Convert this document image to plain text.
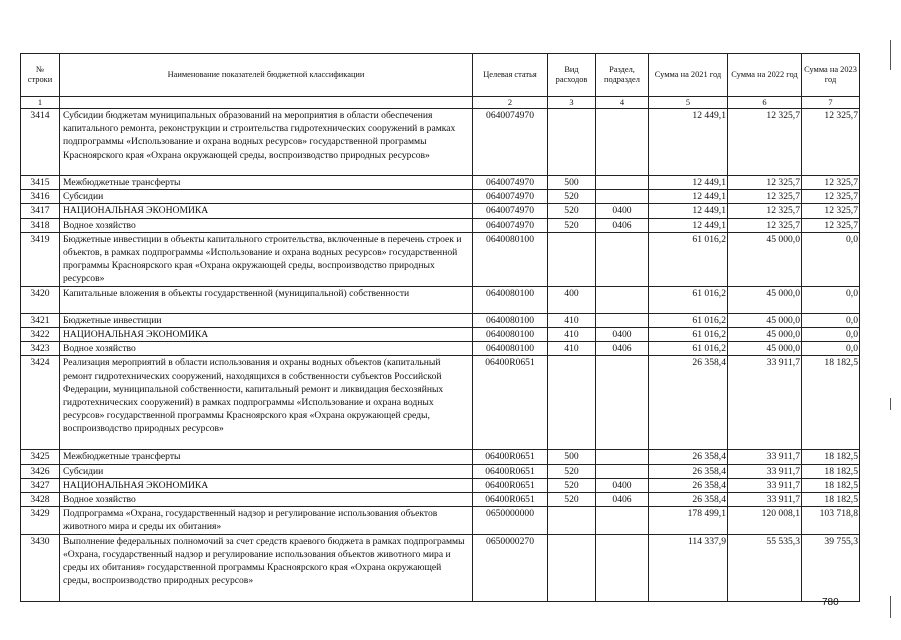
№ строки	Наименование показателей бюджетной классификации	Целевая статья	Вид расходов	Раздел, подраздел	Сумма на 2021 год	Сумма на 2022 год	Сумма на 2023 год
1		2	3	4	5	6	7
3414	Субсидии бюджетам муниципальных образований на мероприятия в области обеспечения капитального ремонта, реконструкции и строительства гидротехнических сооружений в рамках подпрограммы «Использование и охрана водных ресурсов» государственной программы Красноярского края «Охрана окружающей среды, воспроизводство природных ресурсов»	0640074970			12 449,1	12 325,7	12 325,7
3415	Межбюджетные трансферты	0640074970	500		12 449,1	12 325,7	12 325,7
3416	Субсидии	0640074970	520		12 449,1	12 325,7	12 325,7
3417	НАЦИОНАЛЬНАЯ ЭКОНОМИКА	0640074970	520	0400	12 449,1	12 325,7	12 325,7
3418	Водное хозяйство	0640074970	520	0406	12 449,1	12 325,7	12 325,7
3419	Бюджетные инвестиции в объекты капитального строительства, включенные в перечень строек и объектов, в рамках подпрограммы «Использование и охрана водных ресурсов» государственной программы Красноярского края «Охрана окружающей среды, воспроизводство природных ресурсов»	0640080100			61 016,2	45 000,0	0,0
3420	Капитальные вложения в объекты государственной (муниципальной) собственности	0640080100	400		61 016,2	45 000,0	0,0
3421	Бюджетные инвестиции	0640080100	410		61 016,2	45 000,0	0,0
3422	НАЦИОНАЛЬНАЯ ЭКОНОМИКА	0640080100	410	0400	61 016,2	45 000,0	0,0
3423	Водное хозяйство	0640080100	410	0406	61 016,2	45 000,0	0,0
3424	Реализация мероприятий в области использования и охраны водных объектов (капитальный ремонт гидротехнических сооружений, находящихся в собственности субъектов Российской Федерации, муниципальной собственности, капитальный ремонт и ликвидация бесхозяйных гидротехнических сооружений) в рамках подпрограммы «Использование и охрана водных ресурсов» государственной программы Красноярского края «Охрана окружающей среды, воспроизводство природных ресурсов»	06400R0651			26 358,4	33 911,7	18 182,5
3425	Межбюджетные трансферты	06400R0651	500		26 358,4	33 911,7	18 182,5
3426	Субсидии	06400R0651	520		26 358,4	33 911,7	18 182,5
3427	НАЦИОНАЛЬНАЯ ЭКОНОМИКА	06400R0651	520	0400	26 358,4	33 911,7	18 182,5
3428	Водное хозяйство	06400R0651	520	0406	26 358,4	33 911,7	18 182,5
3429	Подпрограмма «Охрана, государственный надзор и регулирование использования объектов животного мира и среды их обитания»	0650000000			178 499,1	120 008,1	103 718,8
3430	Выполнение федеральных полномочий за счет средств краевого бюджета в рамках подпрограммы «Охрана, государственный надзор и регулирование использования объектов животного мира и среды их обитания» государственной программы Красноярского края «Охрана окружающей среды, воспроизводство природных ресурсов»	0650000270			114 337,9	55 535,3	39 755,3
780
